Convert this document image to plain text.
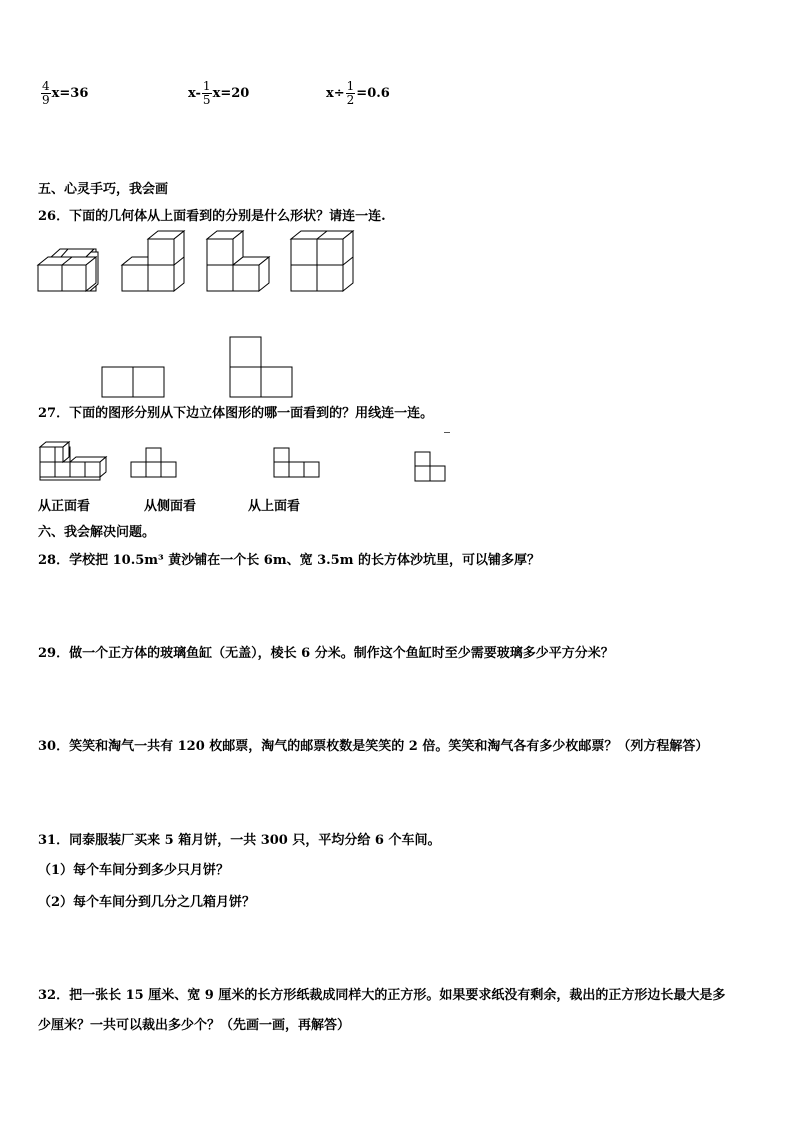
$\frac{4}{9} x=36$	$x- \frac{1}{5} x=20$	$x\div \frac{1}{2} =0.6$
五、心灵手巧，我会画
26．下面的几何体从上面看到的分别是什么形状？请连一连.
27．下面的图形分别从下边立体图形的哪一面看到的？用线连一连。
从正面看	从侧面看	从上面看
六、我会解决问题。
28．学校把 10.5m³ 黄沙铺在一个长 6m、宽 3.5m 的长方体沙坑里，可以铺多厚？
29．做一个正方体的玻璃鱼缸（无盖），棱长 6 分米。制作这个鱼缸时至少需要玻璃多少平方分米？
30．笑笑和淘气一共有 120 枚邮票，淘气的邮票枚数是笑笑的 2 倍。笑笑和淘气各有多少枚邮票？（列方程解答）
31．同泰服装厂买来 5 箱月饼，一共 300 只，平均分给 6 个车间。
（1）每个车间分到多少只月饼？
（2）每个车间分到几分之几箱月饼？
32．把一张长 15 厘米、宽 9 厘米的长方形纸裁成同样大的正方形。如果要求纸没有剩余，裁出的正方形边长最大是多
少厘米？一共可以裁出多少个？（先画一画，再解答）
